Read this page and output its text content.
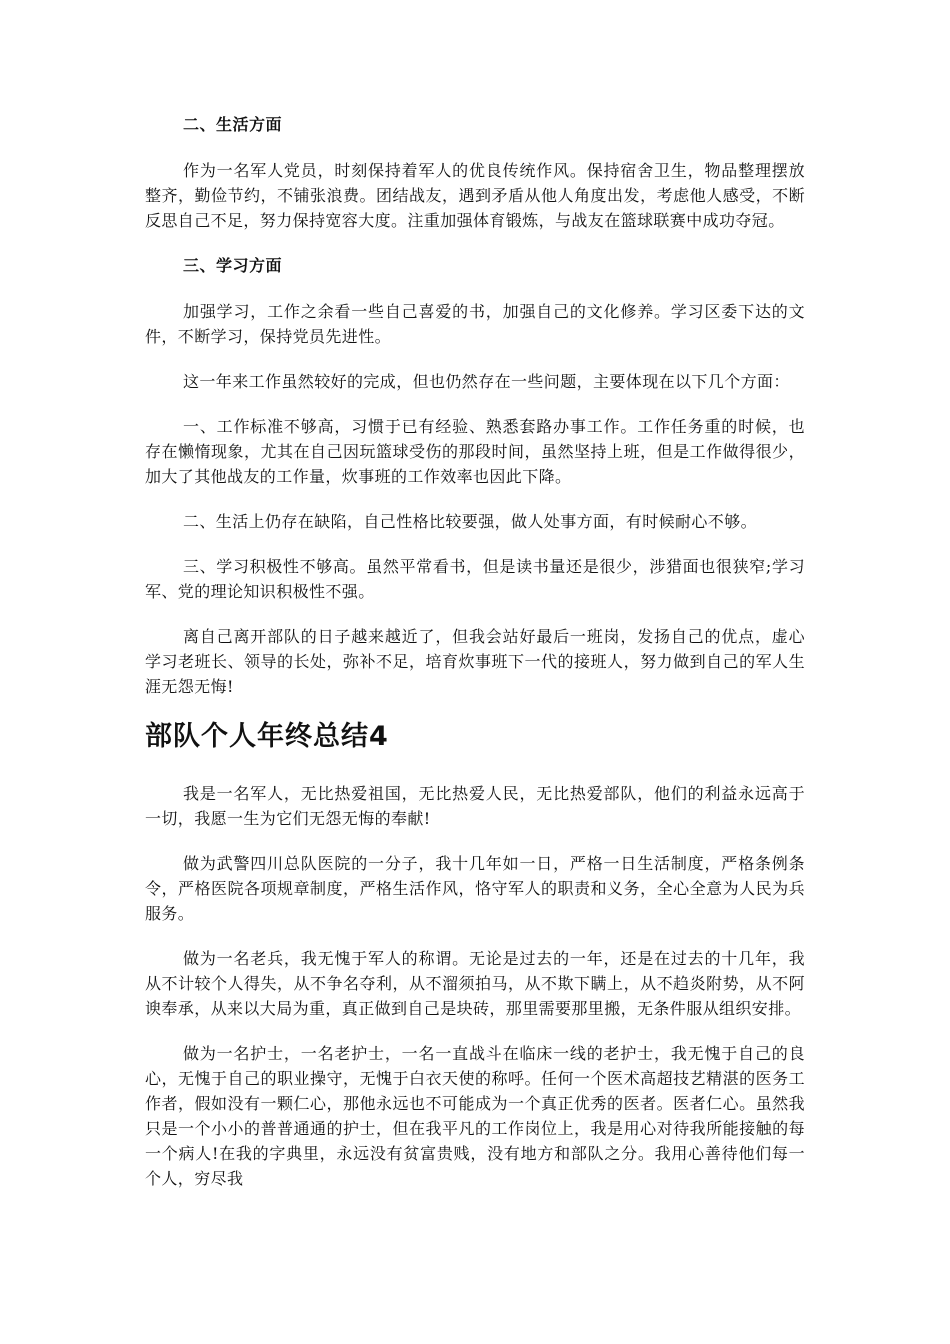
二、生活方面

作为一名军人党员，时刻保持着军人的优良传统作风。保持宿舍卫生，物品整理摆放整齐，勤俭节约，不铺张浪费。团结战友，遇到矛盾从他人角度出发，考虑他人感受，不断反思自己不足，努力保持宽容大度。注重加强体育锻炼，与战友在篮球联赛中成功夺冠。

三、学习方面

加强学习，工作之余看一些自己喜爱的书，加强自己的文化修养。学习区委下达的文件，不断学习，保持党员先进性。

这一年来工作虽然较好的完成，但也仍然存在一些问题，主要体现在以下几个方面：

一、工作标准不够高，习惯于已有经验、熟悉套路办事工作。工作任务重的时候，也存在懒惰现象，尤其在自己因玩篮球受伤的那段时间，虽然坚持上班，但是工作做得很少，加大了其他战友的工作量，炊事班的工作效率也因此下降。

二、生活上仍存在缺陷，自己性格比较要强，做人处事方面，有时候耐心不够。

三、学习积极性不够高。虽然平常看书，但是读书量还是很少，涉猎面也很狭窄;学习军、党的理论知识积极性不强。

离自己离开部队的日子越来越近了，但我会站好最后一班岗，发扬自己的优点，虚心学习老班长、领导的长处，弥补不足，培育炊事班下一代的接班人，努力做到自己的军人生涯无怨无悔!

部队个人年终总结4

我是一名军人，无比热爱祖国，无比热爱人民，无比热爱部队，他们的利益永远高于一切，我愿一生为它们无怨无悔的奉献!

做为武警四川总队医院的一分子，我十几年如一日，严格一日生活制度，严格条例条令，严格医院各项规章制度，严格生活作风，恪守军人的职责和义务，全心全意为人民为兵服务。

做为一名老兵，我无愧于军人的称谓。无论是过去的一年，还是在过去的十几年，我从不计较个人得失，从不争名夺利，从不溜须拍马，从不欺下瞒上，从不趋炎附势，从不阿谀奉承，从来以大局为重，真正做到自己是块砖，那里需要那里搬，无条件服从组织安排。

做为一名护士，一名老护士，一名一直战斗在临床一线的老护士，我无愧于自己的良心，无愧于自己的职业操守，无愧于白衣天使的称呼。任何一个医术高超技艺精湛的医务工作者，假如没有一颗仁心，那他永远也不可能成为一个真正优秀的医者。医者仁心。虽然我只是一个小小的普普通通的护士，但在我平凡的工作岗位上，我是用心对待我所能接触的每一个病人!在我的字典里，永远没有贫富贵贱，没有地方和部队之分。我用心善待他们每一个人，穷尽我
